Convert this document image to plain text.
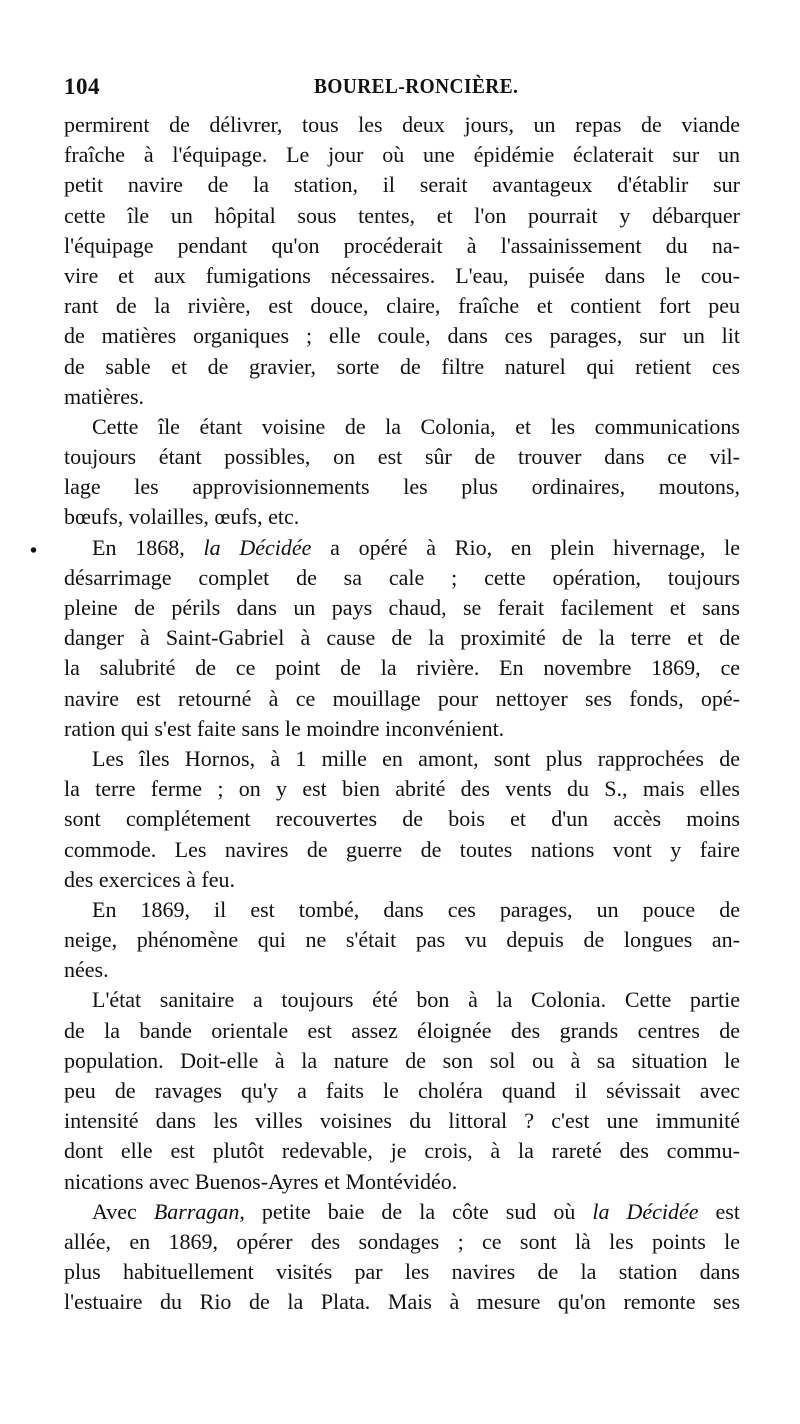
104	BOUREL-RONCIÈRE.
•
permirent de délivrer, tous les deux jours, un repas de viande
fraîche à l'équipage. Le jour où une épidémie éclaterait sur un
petit navire de la station, il serait avantageux d'établir sur
cette île un hôpital sous tentes, et l'on pourrait y débarquer
l'équipage pendant qu'on procéderait à l'assainissement du na-
vire et aux fumigations nécessaires. L'eau, puisée dans le cou-
rant de la rivière, est douce, claire, fraîche et contient fort peu
de matières organiques ; elle coule, dans ces parages, sur un lit
de sable et de gravier, sorte de filtre naturel qui retient ces
matières.
Cette île étant voisine de la Colonia, et les communications
toujours étant possibles, on est sûr de trouver dans ce vil-
lage les approvisionnements les plus ordinaires, moutons,
bœufs, volailles, œufs, etc.
En 1868, la Décidée a opéré à Rio, en plein hivernage, le
désarrimage complet de sa cale ; cette opération, toujours
pleine de périls dans un pays chaud, se ferait facilement et sans
danger à Saint-Gabriel à cause de la proximité de la terre et de
la salubrité de ce point de la rivière. En novembre 1869, ce
navire est retourné à ce mouillage pour nettoyer ses fonds, opé-
ration qui s'est faite sans le moindre inconvénient.
Les îles Hornos, à 1 mille en amont, sont plus rapprochées de
la terre ferme ; on y est bien abrité des vents du S., mais elles
sont complétement recouvertes de bois et d'un accès moins
commode. Les navires de guerre de toutes nations vont y faire
des exercices à feu.
En 1869, il est tombé, dans ces parages, un pouce de
neige, phénomène qui ne s'était pas vu depuis de longues an-
nées.
L'état sanitaire a toujours été bon à la Colonia. Cette partie
de la bande orientale est assez éloignée des grands centres de
population. Doit-elle à la nature de son sol ou à sa situation le
peu de ravages qu'y a faits le choléra quand il sévissait avec
intensité dans les villes voisines du littoral ? c'est une immunité
dont elle est plutôt redevable, je crois, à la rareté des commu-
nications avec Buenos-Ayres et Montévidéo.
Avec Barragan, petite baie de la côte sud où la Décidée est
allée, en 1869, opérer des sondages ; ce sont là les points le
plus habituellement visités par les navires de la station dans
l'estuaire du Rio de la Plata. Mais à mesure qu'on remonte ses
